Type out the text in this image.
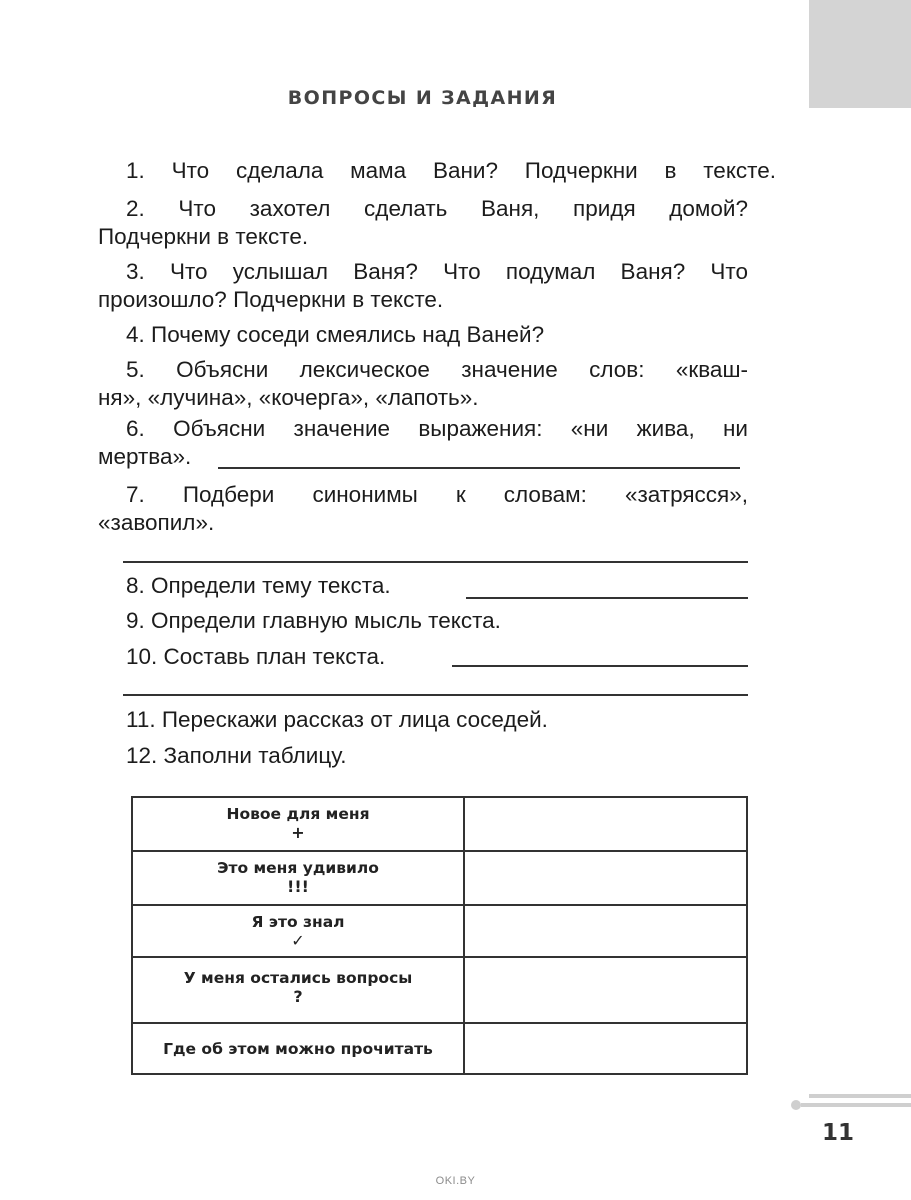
ВОПРОСЫ И ЗАДАНИЯ
1. Что сделала мама Вани? Подчеркни в тексте.
2. Что захотел сделать Ваня, придя домой?
Подчеркни в тексте.
3. Что услышал Ваня? Что подумал Ваня? Что
произошло? Подчеркни в тексте.
4. Почему соседи смеялись над Ваней?
5. Объясни лексическое значение слов: «кваш-
ня», «лучина», «кочерга», «лапоть».
6. Объясни значение выражения: «ни жива, ни
мертва».
7. Подбери синонимы к словам: «затрясся»,
«завопил».
8. Определи тему текста.
9. Определи главную мысль текста.
10. Составь план текста.
11. Перескажи рассказ от лица соседей.
12. Заполни таблицу.
Новое для меня
+	

Это меня удивило
!!!	

Я это знал
✓	

У меня остались вопросы
?	

Где об этом можно прочитать	

11
OKI.BY
